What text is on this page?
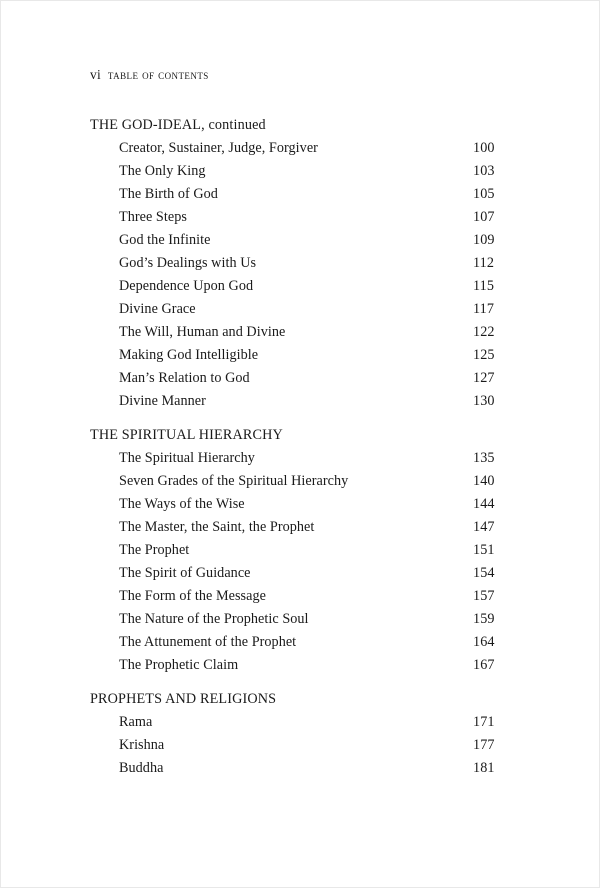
vi table of contents
THE GOD-IDEAL, continued
Creator, Sustainer, Judge, Forgiver	100
The Only King	103
The Birth of God	105
Three Steps	107
God the Infinite	109
God’s Dealings with Us	112
Dependence Upon God	115
Divine Grace	117
The Will, Human and Divine	122
Making God Intelligible	125
Man’s Relation to God	127
Divine Manner	130
THE SPIRITUAL HIERARCHY
The Spiritual Hierarchy	135
Seven Grades of the Spiritual Hierarchy	140
The Ways of the Wise	144
The Master, the Saint, the Prophet	147
The Prophet	151
The Spirit of Guidance	154
The Form of the Message	157
The Nature of the Prophetic Soul	159
The Attunement of the Prophet	164
The Prophetic Claim	167
PROPHETS AND RELIGIONS
Rama	171
Krishna	177
Buddha	181
